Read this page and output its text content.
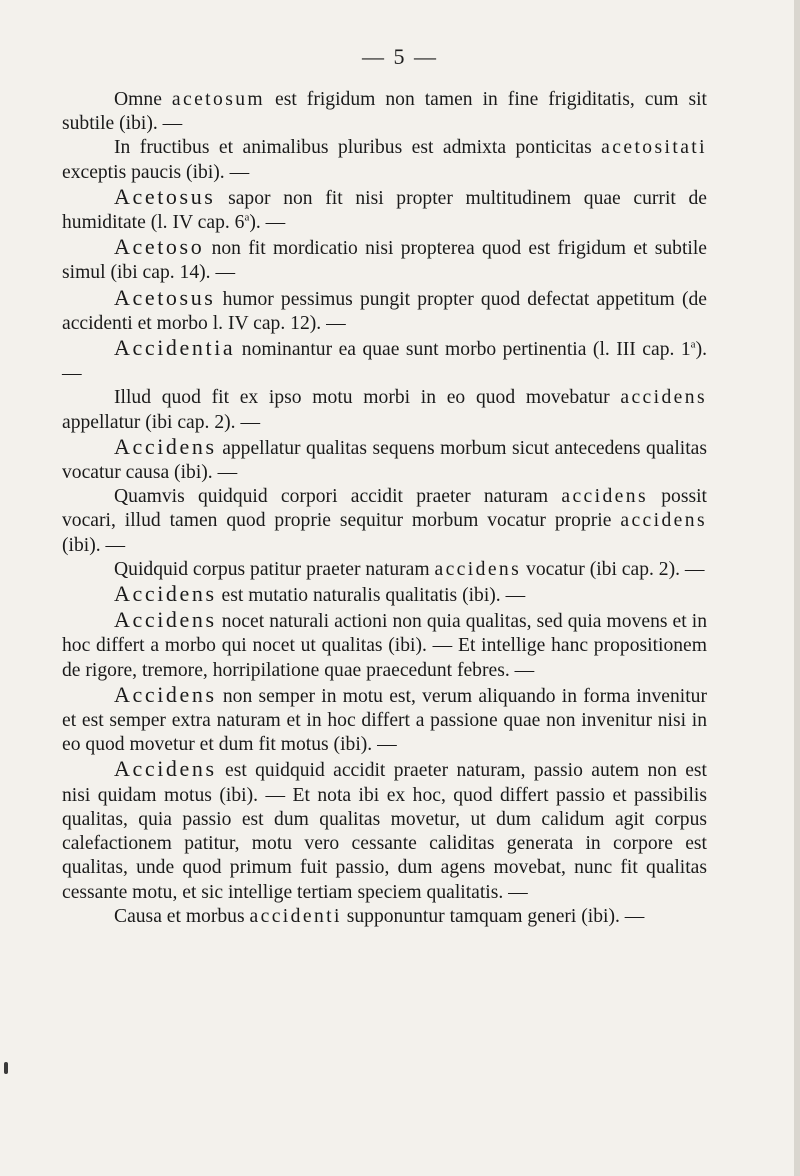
— 5 —

Omne acetosum est frigidum non tamen in fine frigiditatis, cum sit subtile (ibi). —

In fructibus et animalibus pluribus est admixta ponticitas acetositati exceptis paucis (ibi). —

Acetosus sapor non fit nisi propter multitudinem quae currit de humiditate (l. IV cap. 6$^a$). —

Acetoso non fit mordicatio nisi propterea quod est frigidum et subtile simul (ibi cap. 14). —

Acetosus humor pessimus pungit propter quod defectat appetitum (de accidenti et morbo l. IV cap. 12). —

Accidentia nominantur ea quae sunt morbo pertinentia (l. III cap. 1$^a$). —

Illud quod fit ex ipso motu morbi in eo quod movebatur accidens appellatur (ibi cap. 2). —

Accidens appellatur qualitas sequens morbum sicut antecedens qualitas vocatur causa (ibi). —

Quamvis quidquid corpori accidit praeter naturam accidens possit vocari, illud tamen quod proprie sequitur morbum vocatur proprie accidens (ibi). —

Quidquid corpus patitur praeter naturam accidens vocatur (ibi cap. 2). —

Accidens est mutatio naturalis qualitatis (ibi). —

Accidens nocet naturali actioni non quia qualitas, sed quia movens et in hoc differt a morbo qui nocet ut qualitas (ibi). — Et intellige hanc propositionem de rigore, tremore, horripilatione quae praecedunt febres. —

Accidens non semper in motu est, verum aliquando in forma invenitur et est semper extra naturam et in hoc differt a passione quae non invenitur nisi in eo quod movetur et dum fit motus (ibi). —

Accidens est quidquid accidit praeter naturam, passio autem non est nisi quidam motus (ibi). — Et nota ibi ex hoc, quod differt passio et passibilis qualitas, quia passio est dum qualitas movetur, ut dum calidum agit corpus calefactionem patitur, motu vero cessante caliditas generata in corpore est qualitas, unde quod primum fuit passio, dum agens movebat, nunc fit qualitas cessante motu, et sic intellige tertiam speciem qualitatis. —

Causa et morbus accidenti supponuntur tamquam generi (ibi). —
